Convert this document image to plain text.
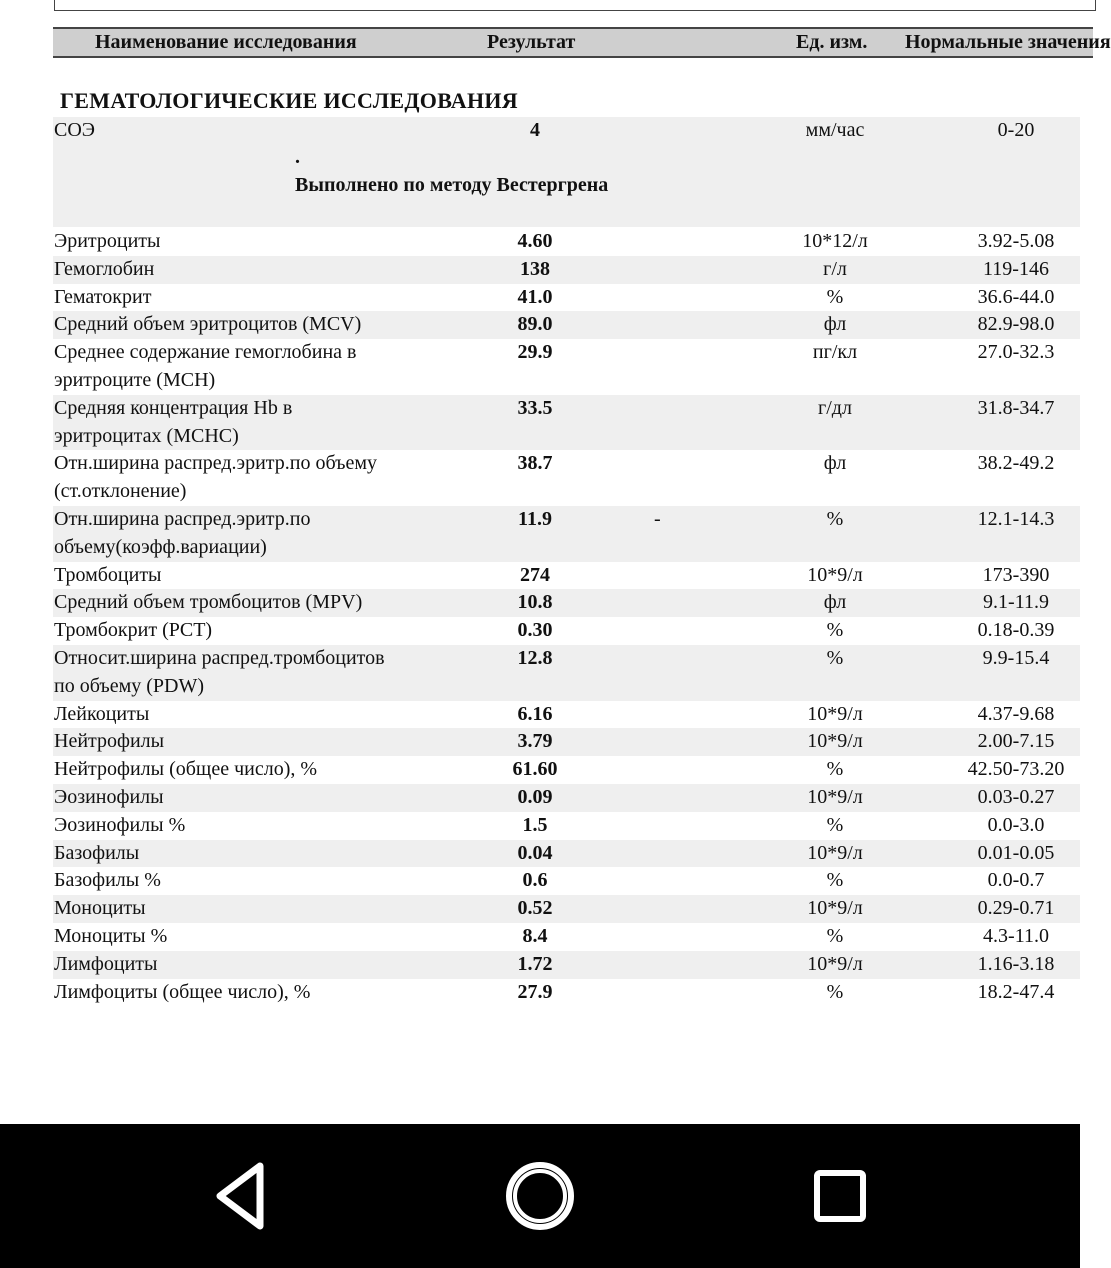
Наименование исследования	Результат	Ед. изм. Нормальные значения
ГЕМАТОЛОГИЧЕСКИЕ ИССЛЕДОВАНИЯ
СОЭ	4	мм/час	0-20
.
Выполнено по методу Вестергрена
Эритроциты	4.60	10*12/л	3.92-5.08
Гемоглобин	138	г/л	119-146
Гематокрит	41.0	%	36.6-44.0
Средний объем эритроцитов (MCV)	89.0	фл	82.9-98.0
Среднее содержание гемоглобина в
эритроците (MCH)
29.9	пг/кл	27.0-32.3
Средняя концентрация Hb в
эритроцитах (MCHC)
33.5	г/дл	31.8-34.7
Отн.ширина распред.эритр.по объему
(ст.отклонение)
38.7	фл	38.2-49.2
Отн.ширина распред.эритр.по
объему(коэфф.вариации)
11.9	-	%	12.1-14.3
Тромбоциты	274	10*9/л	173-390
Средний объем тромбоцитов (MPV)	10.8	фл	9.1-11.9
Тромбокрит (PCT)	0.30	%	0.18-0.39
Относит.ширина распред.тромбоцитов
по объему (PDW)
12.8	%	9.9-15.4
Лейкоциты	6.16	10*9/л	4.37-9.68
Нейтрофилы	3.79	10*9/л	2.00-7.15
Нейтрофилы (общее число), %	61.60	%	42.50-73.20
Эозинофилы	0.09	10*9/л	0.03-0.27
Эозинофилы %	1.5	%	0.0-3.0
Базофилы	0.04	10*9/л	0.01-0.05
Базофилы %	0.6	%	0.0-0.7
Моноциты	0.52	10*9/л	0.29-0.71
Моноциты %	8.4	%	4.3-11.0
Лимфоциты	1.72	10*9/л	1.16-3.18
Лимфоциты (общее число), %	27.9	%	18.2-47.4
